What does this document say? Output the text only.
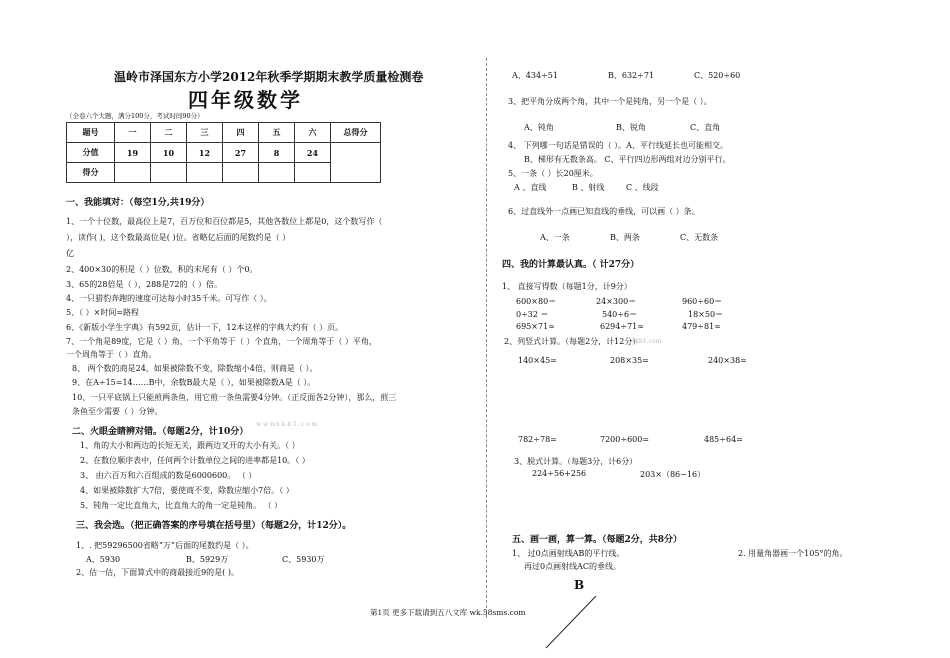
温岭市泽国东方小学2012年秋季学期期末教学质量检测卷
四年级数学
（全卷六个大题，满分100分，考试时间90分）
题号	一	二	三	四	五	六	总得分
分值	19	10	12	27	8	24	
得分							
一、我能填对：（每空1分,共19分）
1、一个十位数，最高位上是7，百万位和百位都是5，其他各数位上都是0，这个数写作（
），读作( )，这个数最高位是( )位。省略亿后面的尾数约是（ ）
亿
2、400×30的积是（ ）位数，积的末尾有（ ）个0。
3、65的28倍是（ ），288是72的（ ）倍。
4、一只猎豹奔跑的速度可达每小时35千米。可写作（ ）。
5、（ ）×时间=路程
6、《新版小学生字典》有592页，估计一下，12本这样的字典大约有（ ）页。
7、一个角是89度，它是（ ）角，一个平角等于（ ）个直角，一个周角等于（ ）平角，
一个周角等于（ ）直角。
8、 两个数的商是24，如果被除数不变，除数缩小4倍，则商是（ ）。
9、在A÷15=14……B中，余数B最大是（ ），如果被除数A是（ ）。
10、一只平底锅上只能煎两条鱼，用它煎一条鱼需要4分钟。（正反面各2分钟），那么，煎三
条鱼至少需要（ ）分钟。
w w w.x k b 1. c o m
二、火眼金睛辨对错。（每题2分，计10分）
1、角的大小和两边的长短无关，跟两边叉开的大小有关。（ ）
2、在数位顺序表中，任何两个计数单位之间的进率都是10。（ ）
3、 由六百万和六百组成的数是6000600。 （ ）
4、如果被除数扩大7倍，要使商不变，除数应缩小7倍。（ ）
5、钝角一定比直角大，比直角大的角一定是钝角。 （ ）
三、我会选。（把正确答案的序号填在括号里）（每题2分，计12分）。
1、. 把59296500省略“万”后面的尾数约是（ ）。
A、5930	B、5929万	C、5930万
2、估一估，下面算式中的商最接近9的是( )。
A、434÷51	B、632÷71	C、520÷60
3、把平角分成两个角，其中一个是钝角，另一个是（ ）。
A、钝角	B、锐角	C、直角
4、 下列哪一句话是错误的（ ）。A、平行线延长也可能相交。
B、梯形有无数条高。 C、平行四边形两组对边分别平行。
5、一条（ ）长20厘米。
A 、直线	B 、射线	C 、线段
6、过直线外一点画已知直线的垂线，可以画（ ）条。
A、一条	B、两条	C、无数条
四、我的计算最认真。（ 计27分）
1、 直接写得数（每题1分，计9分）
600×80＝	24×300＝	960÷60＝
0÷32 ＝	540÷6＝	18×50＝
695×71≈	6294÷71≈	479÷81≈
2、列竖式计算。（每题2分，计12分）
xkb1.com
140×45=	208×35=	240×38=
782÷78=	7200÷600=	485÷64=
3、脱式计算。（每题3分，计6分）
224÷56+256	203×（86−16）
五、画一画，算一算。（每题2分，共8分）
1、 过0点画射线AB的平行线。
再过0点画射线AC的垂线。
2. 用量角器画一个105°的角。
B
第1页 更多下载请到五八文库 wk.58sms.com
